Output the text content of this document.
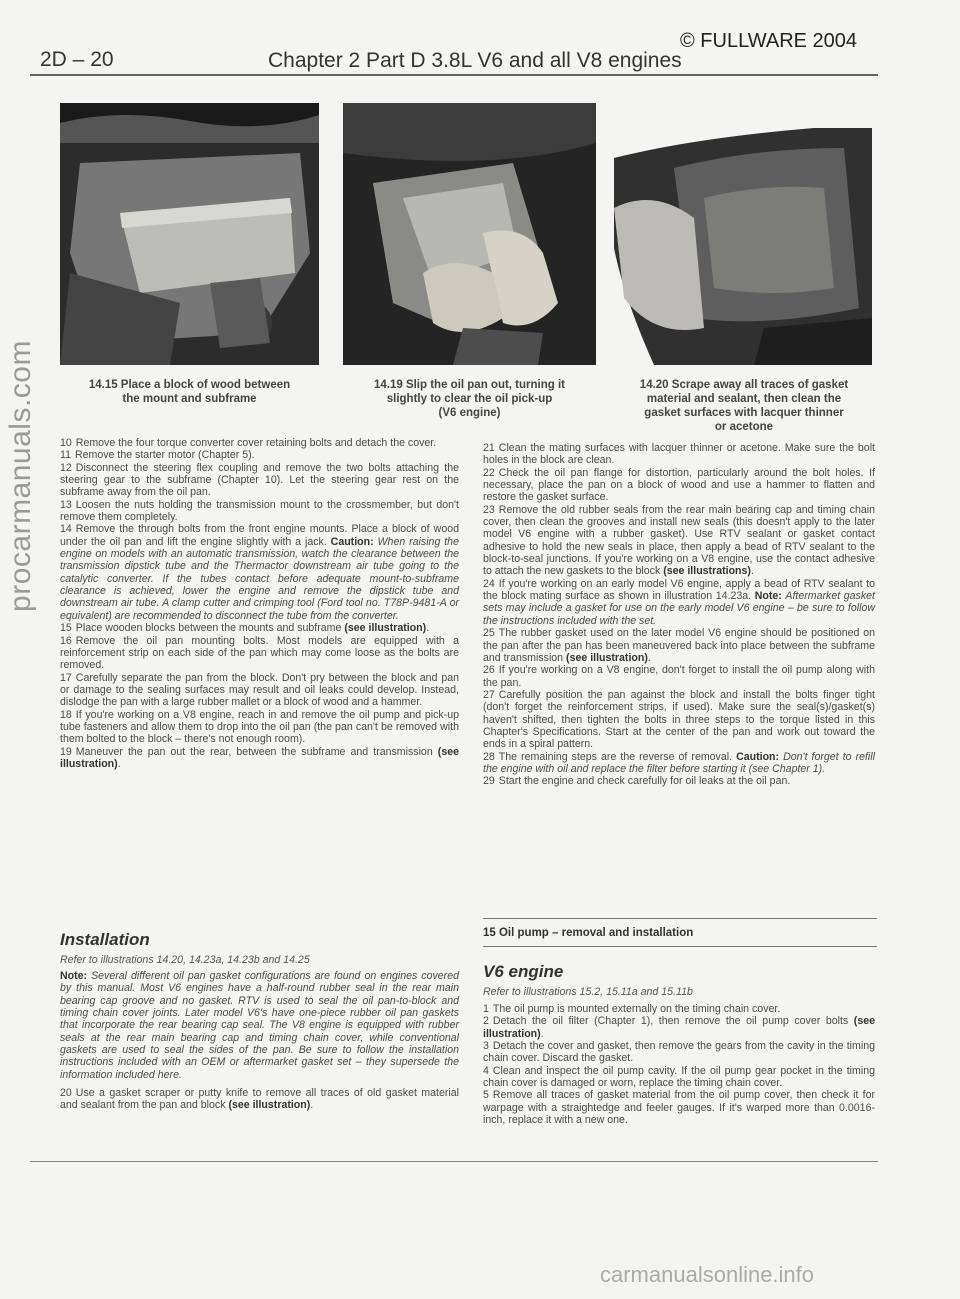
© FULLWARE 2004
2D – 20	Chapter 2 Part D 3.8L V6 and all V8 engines
procarmanuals.com	14.15 Place a block of wood between
the mount and subframe
14.19 Slip the oil pan out, turning it
slightly to clear the oil pick-up
(V6 engine)
14.20 Scrape away all traces of gasket
material and sealant, then clean the
gasket surfaces with lacquer thinner
or acetone

10 Remove the four torque converter cover retaining bolts and detach the cover.

11 Remove the starter motor (Chapter 5).

12 Disconnect the steering flex coupling and remove the two bolts attaching the steering gear to the subframe (Chapter 10). Let the steering gear rest on the subframe away from the oil pan.

13 Loosen the nuts holding the transmission mount to the crossmember, but don't remove them completely.

14 Remove the through bolts from the front engine mounts. Place a block of wood under the oil pan and lift the engine slightly with a jack. Caution: When raising the engine on models with an automatic transmission, watch the clearance between the transmission dipstick tube and the Thermactor downstream air tube going to the catalytic converter. If the tubes contact before adequate mount-to-subframe clearance is achieved, lower the engine and remove the dipstick tube and downstream air tube. A clamp cutter and crimping tool (Ford tool no. T78P-9481-A or equivalent) are recommended to disconnect the tube from the converter.

15 Place wooden blocks between the mounts and subframe (see illustration).

16 Remove the oil pan mounting bolts. Most models are equipped with a reinforcement strip on each side of the pan which may come loose as the bolts are removed.

17 Carefully separate the pan from the block. Don't pry between the block and pan or damage to the sealing surfaces may result and oil leaks could develop. Instead, dislodge the pan with a large rubber mallet or a block of wood and a hammer.

18 If you're working on a V8 engine, reach in and remove the oil pump and pick-up tube fasteners and allow them to drop into the oil pan (the pan can't be removed with them bolted to the block – there's not enough room).

19 Maneuver the pan out the rear, between the subframe and transmission (see illustration).

Installation
Refer to illustrations 14.20, 14.23a, 14.23b and 14.25

Note: Several different oil pan gasket configurations are found on engines covered by this manual. Most V6 engines have a half-round rubber seal in the rear main bearing cap groove and no gasket. RTV is used to seal the oil pan-to-block and timing chain cover joints. Later model V6's have one-piece rubber oil pan gaskets that incorporate the rear bearing cap seal. The V8 engine is equipped with rubber seals at the rear main bearing cap and timing chain cover, while conventional gaskets are used to seal the sides of the pan. Be sure to follow the installation instructions included with an OEM or aftermarket gasket set – they supersede the information included here.

20 Use a gasket scraper or putty knife to remove all traces of old gasket material and sealant from the pan and block (see illustration).

21 Clean the mating surfaces with lacquer thinner or acetone. Make sure the bolt holes in the block are clean.

22 Check the oil pan flange for distortion, particularly around the bolt holes. If necessary, place the pan on a block of wood and use a hammer to flatten and restore the gasket surface.

23 Remove the old rubber seals from the rear main bearing cap and timing chain cover, then clean the grooves and install new seals (this doesn't apply to the later model V6 engine with a rubber gasket). Use RTV sealant or gasket contact adhesive to hold the new seals in place, then apply a bead of RTV sealant to the block-to-seal junctions. If you're working on a V8 engine, use the contact adhesive to attach the new gaskets to the block (see illustrations).

24 If you're working on an early model V6 engine, apply a bead of RTV sealant to the block mating surface as shown in illustration 14.23a. Note: Aftermarket gasket sets may include a gasket for use on the early model V6 engine – be sure to follow the instructions included with the set.

25 The rubber gasket used on the later model V6 engine should be positioned on the pan after the pan has been maneuvered back into place between the subframe and transmission (see illustration).

26 If you're working on a V8 engine, don't forget to install the oil pump along with the pan.

27 Carefully position the pan against the block and install the bolts finger tight (don't forget the reinforcement strips, if used). Make sure the seal(s)/gasket(s) haven't shifted, then tighten the bolts in three steps to the torque listed in this Chapter's Specifications. Start at the center of the pan and work out toward the ends in a spiral pattern.

28 The remaining steps are the reverse of removal. Caution: Don't forget to refill the engine with oil and replace the filter before starting it (see Chapter 1).

29 Start the engine and check carefully for oil leaks at the oil pan.

15 Oil pump – removal and installation
V6 engine
Refer to illustrations 15.2, 15.11a and 15.11b

1 The oil pump is mounted externally on the timing chain cover.

2 Detach the oil filter (Chapter 1), then remove the oil pump cover bolts (see illustration).

3 Detach the cover and gasket, then remove the gears from the cavity in the timing chain cover. Discard the gasket.

4 Clean and inspect the oil pump cavity. If the oil pump gear pocket in the timing chain cover is damaged or worn, replace the timing chain cover.

5 Remove all traces of gasket material from the oil pump cover, then check it for warpage with a straightedge and feeler gauges. If it's warped more than 0.0016-inch, replace it with a new one.

carmanualsonline.info
